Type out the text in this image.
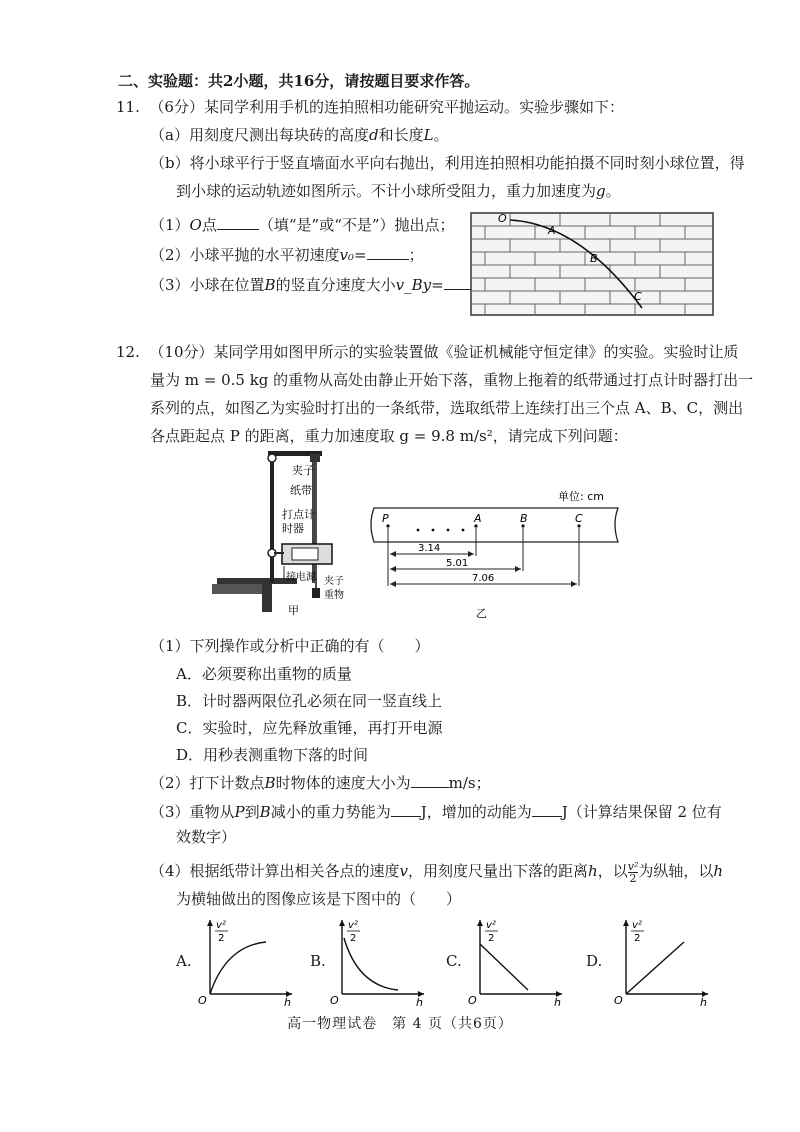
二、实验题：共2小题，共16分，请按题目要求作答。
11. （6分）某同学利用手机的连拍照相功能研究平抛运动。实验步骤如下：
（a）用刻度尺测出每块砖的高度d和长度L。
（b）将小球平行于竖直墙面水平向右抛出，利用连拍照相功能拍摄不同时刻小球位置，得
到小球的运动轨迹如图所示。不计小球所受阻力，重力加速度为g。
（1）O点	（填“是”或“不是”）抛出点；
（2）小球平抛的水平初速度v₀=	；
（3）小球在位置B的竖直分速度大小v_By=
O
A
B
C
12. （10分）某同学用如图甲所示的实验装置做《验证机械能守恒定律》的实验。实验时让质
量为 m = 0.5 kg 的重物从高处由静止开始下落，重物上拖着的纸带通过打点计时器打出一
系列的点，如图乙为实验时打出的一条纸带，选取纸带上连续打出三个点 A、B、C，测出
各点距起点 P 的距离，重力加速度取 g = 9.8 m/s²，请完成下列问题：
夹子
纸带
打点计
时器
接电源 夹子
重物
甲
单位: cm
P	A	B	C
3.14
5.01
7.06
乙
（1）下列操作或分析中正确的有（　　）
A．必须要称出重物的质量
B．计时器两限位孔必须在同一竖直线上
C．实验时，应先释放重锤，再打开电源
D．用秒表测重物下落的时间
（2）打下计数点B时物体的速度大小为	m/s；
（3）重物从P到B减小的重力势能为 J，增加的动能为 J（计算结果保留 2 位有
效数字）
（4）根据纸带计算出相关各点的速度v，用刻度尺量出下落的距离h，以 $\frac{\text{v²}}{2}$ 为纵轴，以h
为横轴做出的图像应该是下图中的（　　）
A.	B.	C.	D.
v²
2
O	h
v²
2
O	h
v²
2
O	h
v²
2
O	h
高一物理试卷　第 4 页（共6页）
